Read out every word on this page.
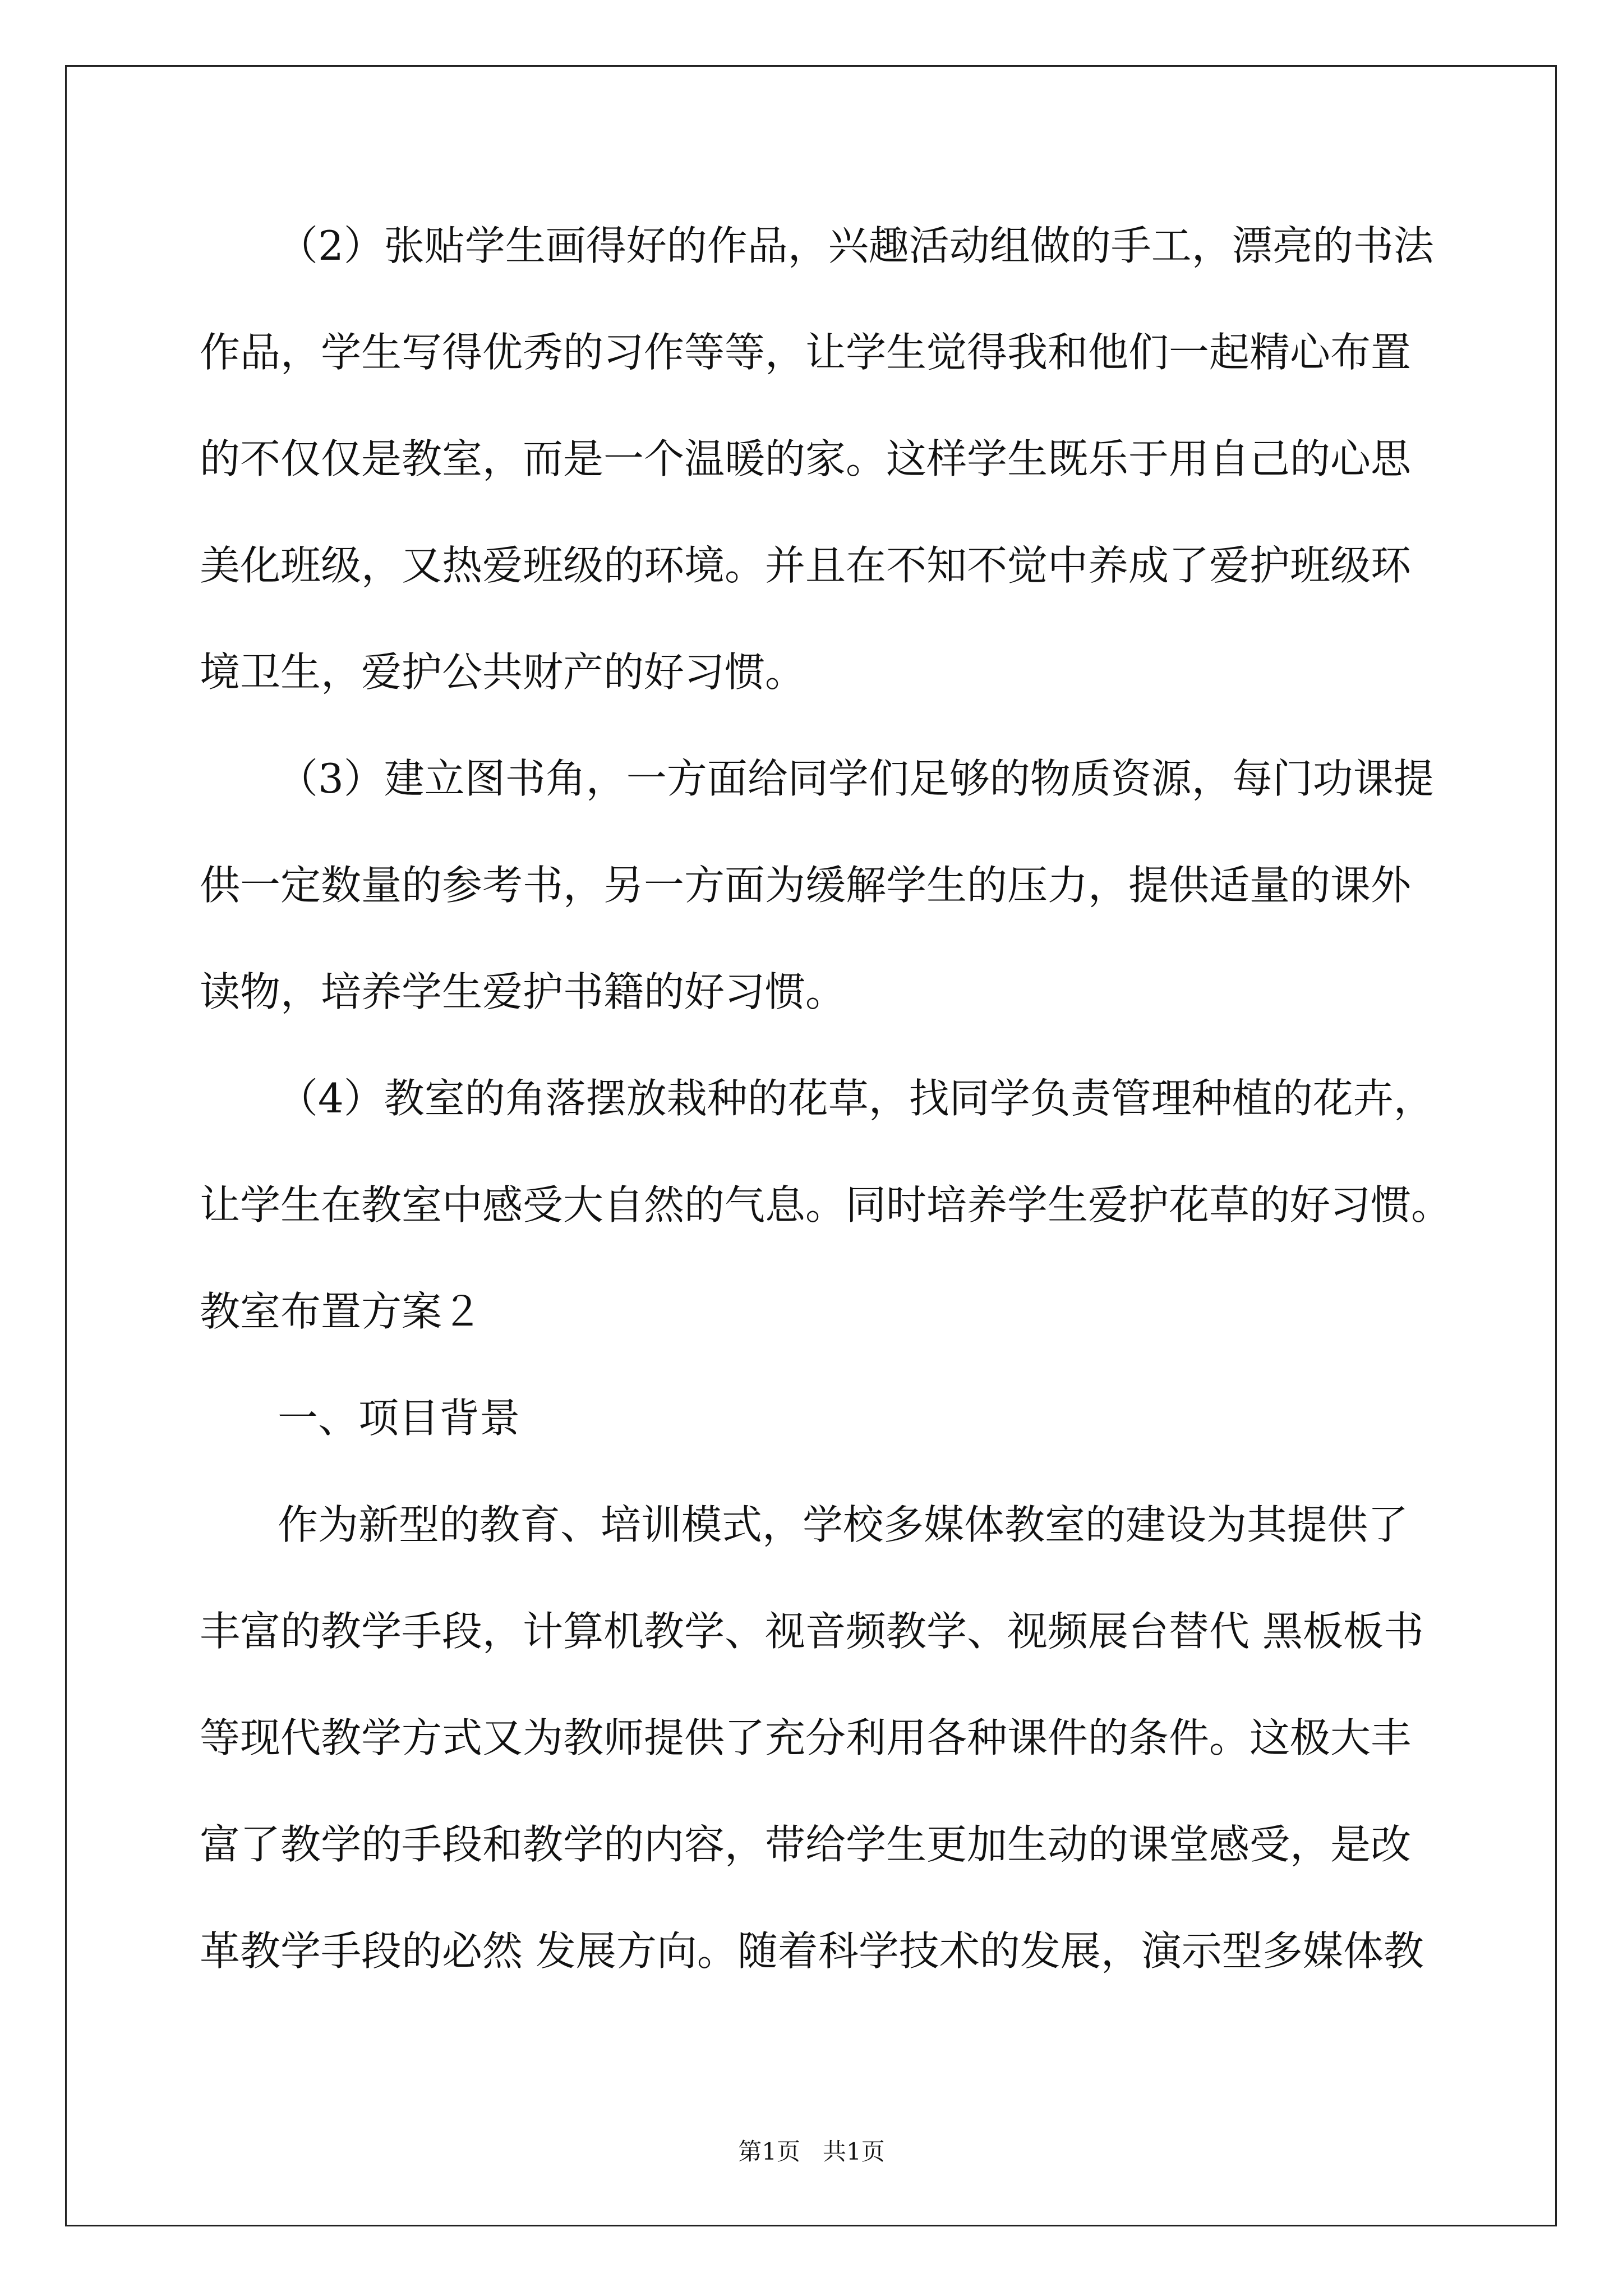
（2）张贴学生画得好的作品，兴趣活动组做的手工，漂亮的书法
作品，学生写得优秀的习作等等，让学生觉得我和他们一起精心布置
的不仅仅是教室，而是一个温暖的家。这样学生既乐于用自己的心思
美化班级，又热爱班级的环境。并且在不知不觉中养成了爱护班级环
境卫生，爱护公共财产的好习惯。
（3）建立图书角，一方面给同学们足够的物质资源，每门功课提
供一定数量的参考书，另一方面为缓解学生的压力，提供适量的课外
读物，培养学生爱护书籍的好习惯。
（4）教室的角落摆放栽种的花草，找同学负责管理种植的花卉，
让学生在教室中感受大自然的气息。同时培养学生爱护花草的好习惯。
教室布置方案２
一、项目背景
作为新型的教育、培训模式，学校多媒体教室的建设为其提供了
丰富的教学手段，计算机教学、视音频教学、视频展台替代 黑板板书
等现代教学方式又为教师提供了充分利用各种课件的条件。这极大丰
富了教学的手段和教学的内容，带给学生更加生动的课堂感受，是改
革教学手段的必然 发展方向。随着科学技术的发展，演示型多媒体教
第1页   共1页
